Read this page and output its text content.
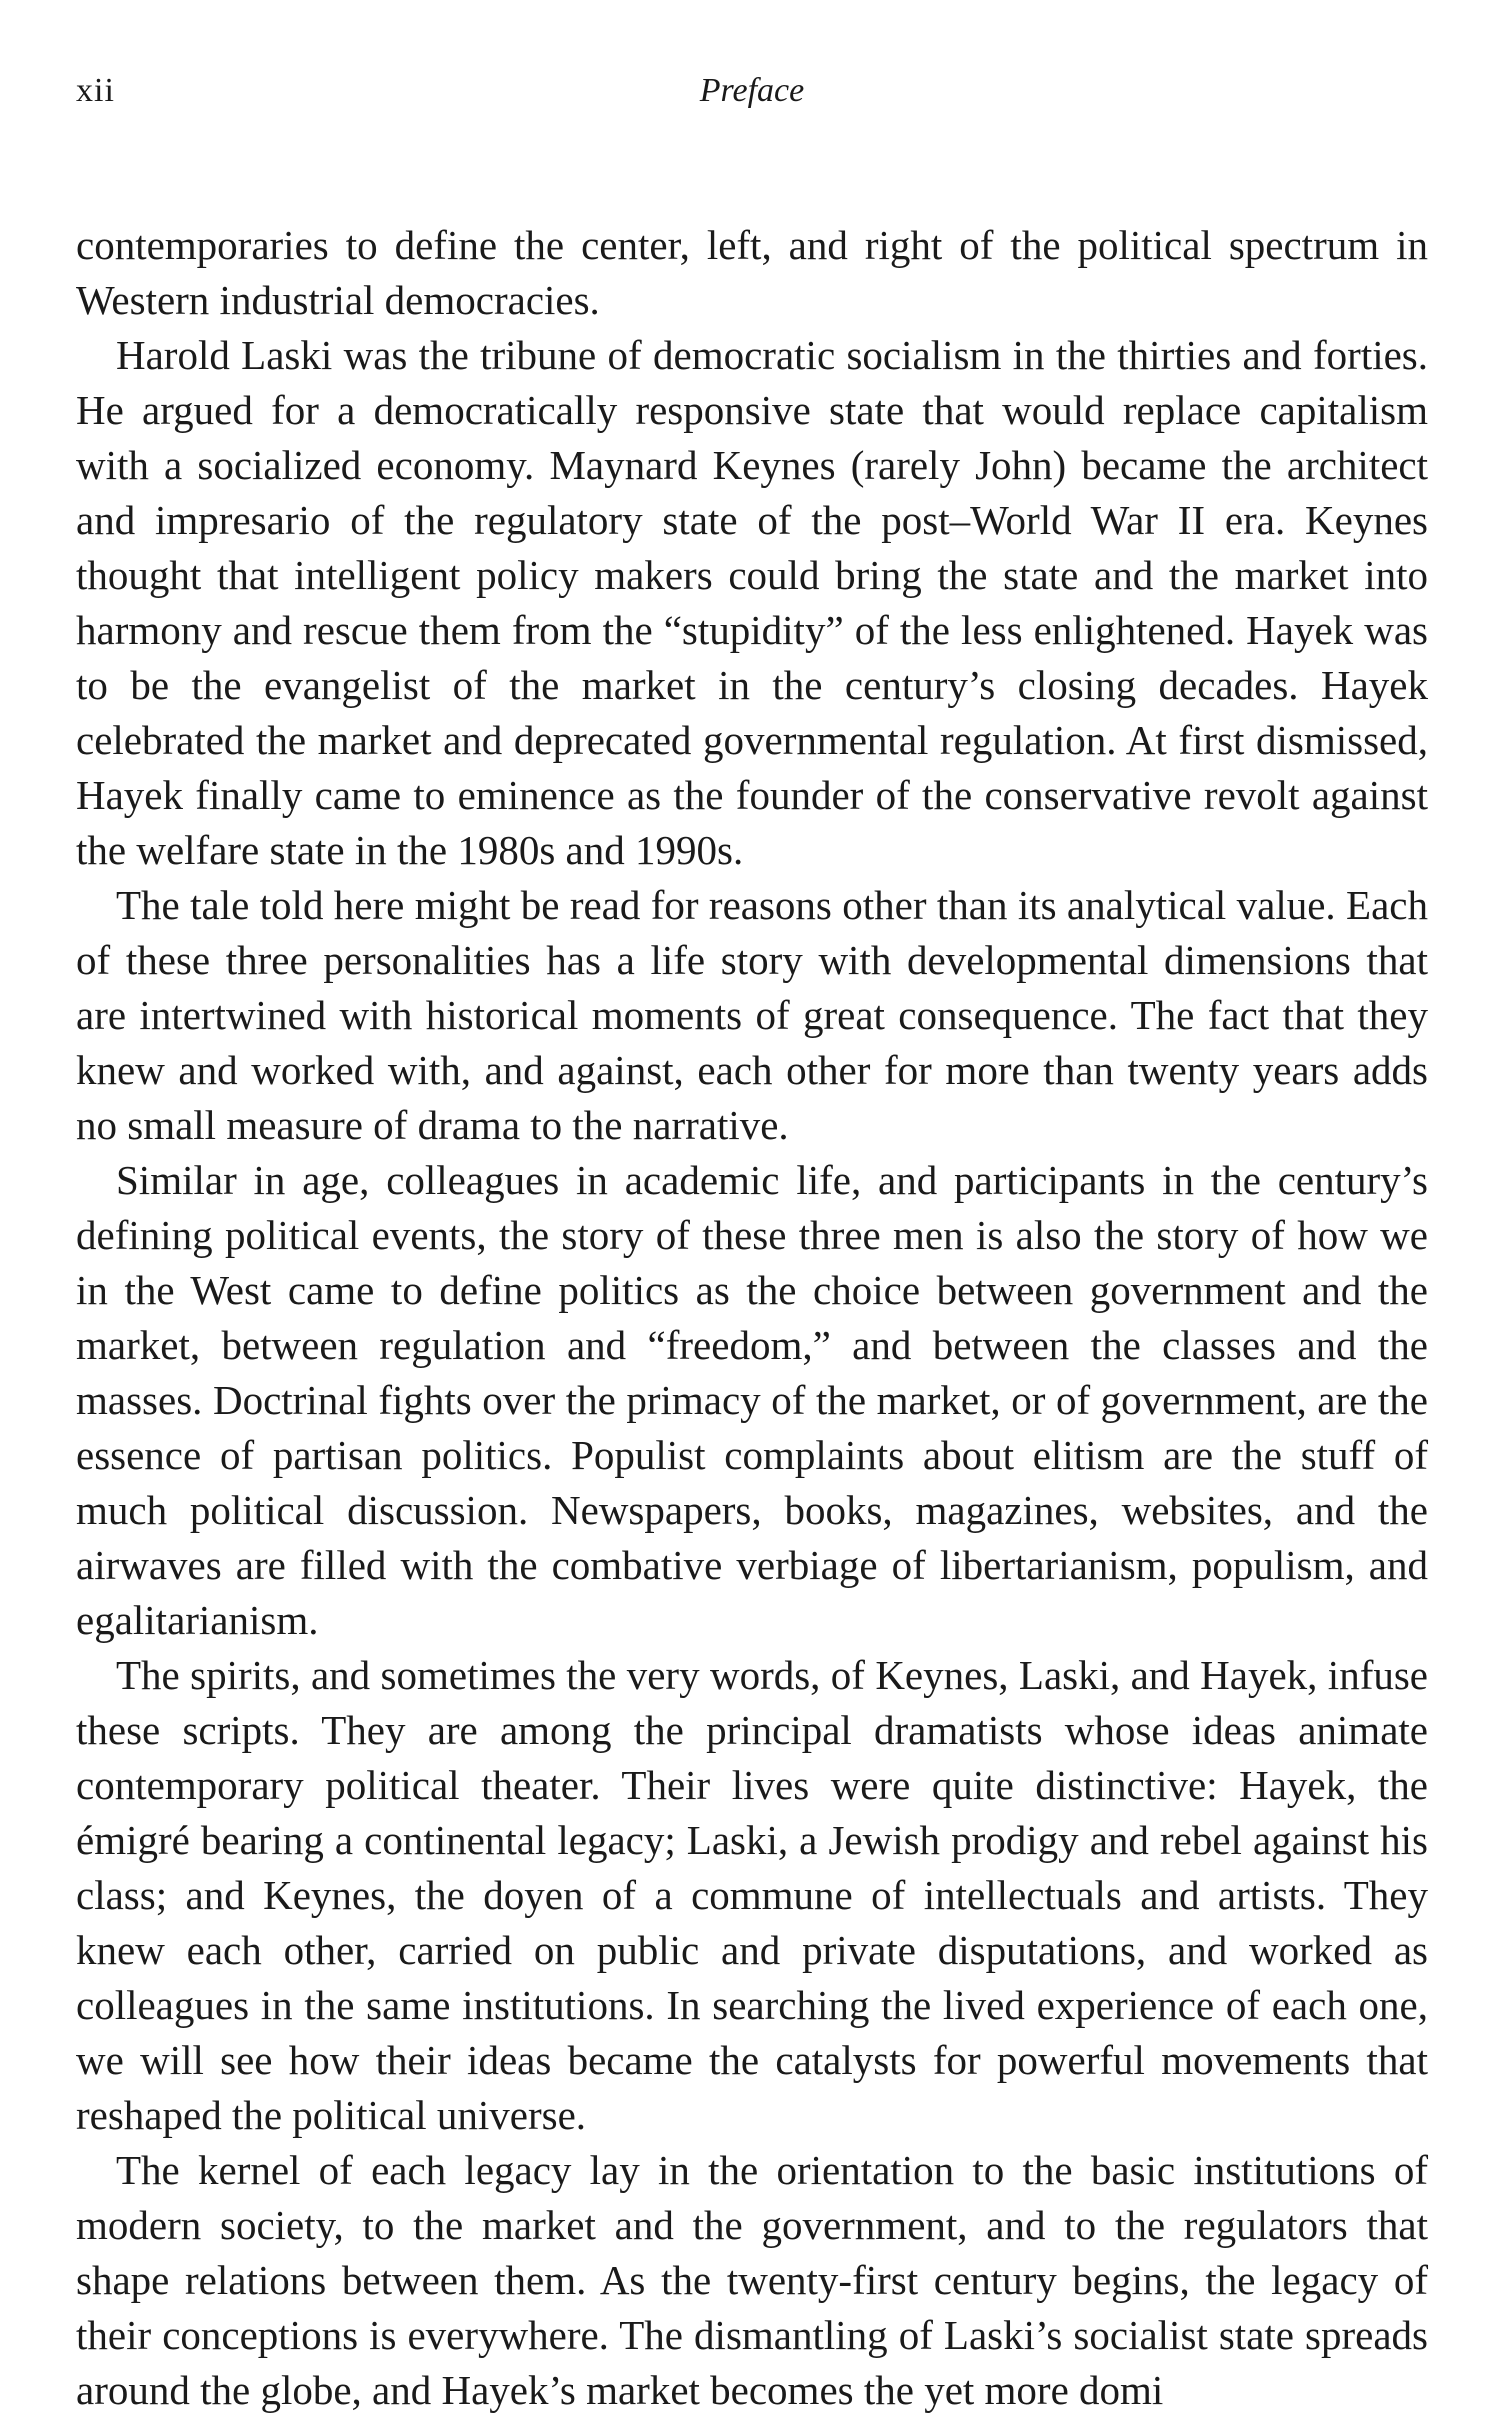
xii	Preface

contemporaries to define the center, left, and right of the political spectrum in Western industrial democracies.

Harold Laski was the tribune of democratic socialism in the thirties and forties. He argued for a democratically responsive state that would replace capitalism with a socialized economy. Maynard Keynes (rarely John) became the architect and impresario of the regulatory state of the post–World War II era. Keynes thought that intelligent policy makers could bring the state and the market into harmony and rescue them from the “stupidity” of the less enlightened. Hayek was to be the evangelist of the market in the century’s closing decades. Hayek celebrated the market and deprecated governmental regulation. At first dismissed, Hayek finally came to eminence as the founder of the conservative revolt against the welfare state in the 1980s and 1990s.

The tale told here might be read for reasons other than its analytical value. Each of these three personalities has a life story with developmental dimensions that are intertwined with historical moments of great consequence. The fact that they knew and worked with, and against, each other for more than twenty years adds no small measure of drama to the narrative.

Similar in age, colleagues in academic life, and participants in the century’s defining political events, the story of these three men is also the story of how we in the West came to define politics as the choice between government and the market, between regulation and “freedom,” and between the classes and the masses. Doctrinal fights over the primacy of the market, or of government, are the essence of partisan politics. Populist complaints about elitism are the stuff of much political discussion. Newspapers, books, magazines, websites, and the airwaves are filled with the combative verbiage of libertarianism, populism, and egalitarianism.

The spirits, and sometimes the very words, of Keynes, Laski, and Hayek, infuse these scripts. They are among the principal dramatists whose ideas animate contemporary political theater. Their lives were quite distinctive: Hayek, the émigré bearing a continental legacy; Laski, a Jewish prodigy and rebel against his class; and Keynes, the doyen of a commune of intellectuals and artists. They knew each other, carried on public and private disputations, and worked as colleagues in the same institutions. In searching the lived experience of each one, we will see how their ideas became the catalysts for powerful movements that reshaped the political universe.

The kernel of each legacy lay in the orientation to the basic institutions of modern society, to the market and the government, and to the regulators that shape relations between them. As the twenty-first century begins, the legacy of their conceptions is everywhere. The dismantling of Laski’s socialist state spreads around the globe, and Hayek’s market becomes the yet more domi
